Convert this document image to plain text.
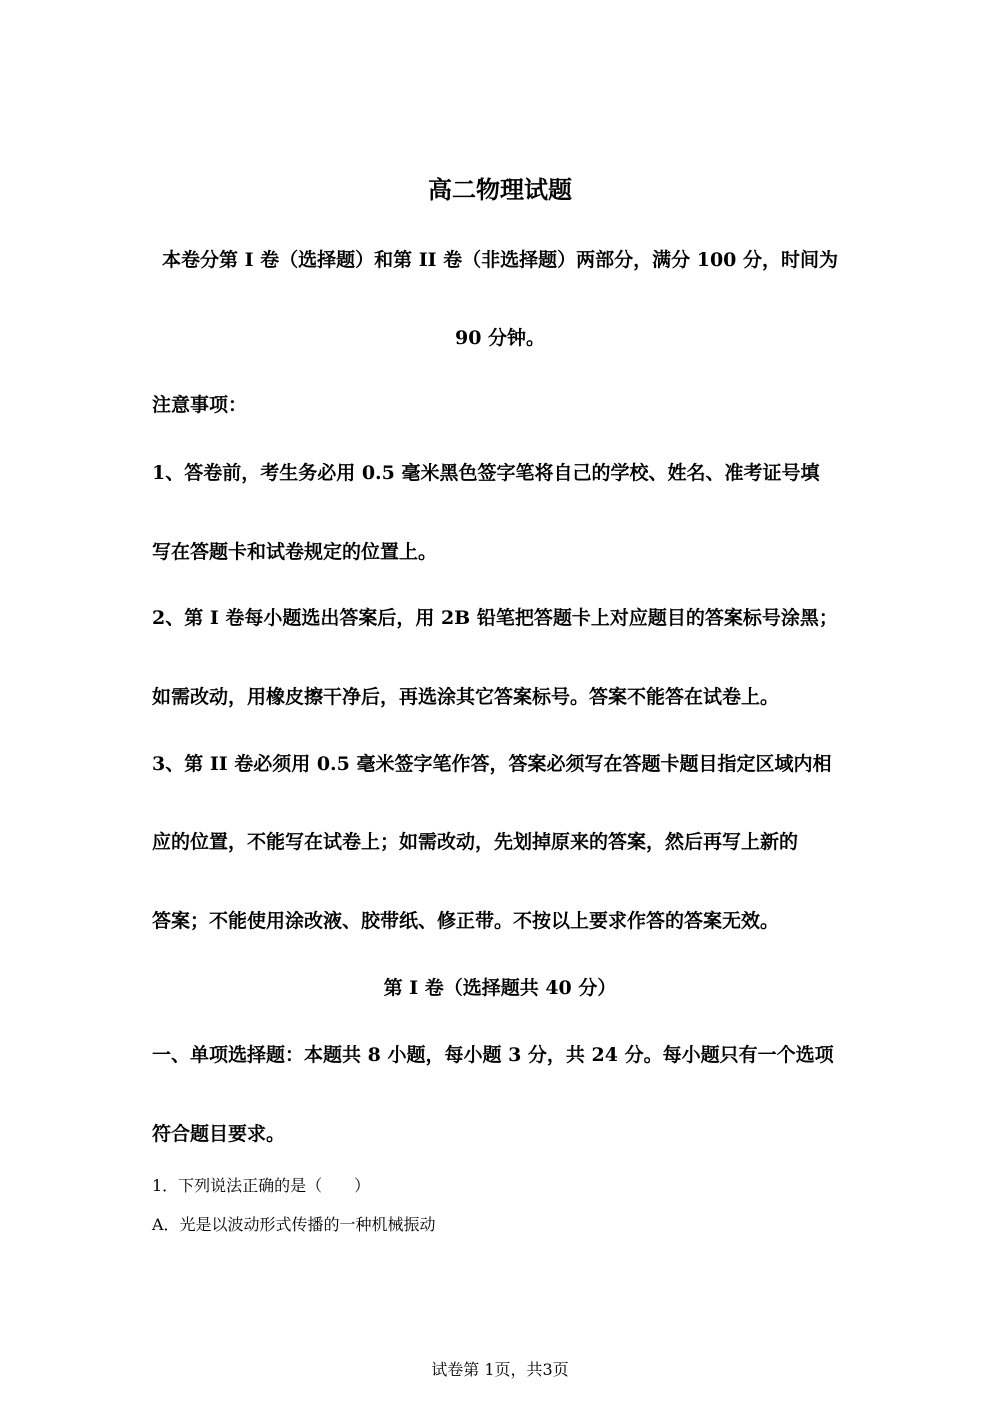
高二物理试题
本卷分第 I 卷（选择题）和第 II 卷（非选择题）两部分，满分 100 分，时间为
90 分钟。
注意事项：
1、答卷前，考生务必用 0.5 毫米黑色签字笔将自己的学校、姓名、准考证号填
写在答题卡和试卷规定的位置上。
2、第 I 卷每小题选出答案后，用 2B 铅笔把答题卡上对应题目的答案标号涂黑；
如需改动，用橡皮擦干净后，再选涂其它答案标号。答案不能答在试卷上。
3、第 II 卷必须用 0.5 毫米签字笔作答，答案必须写在答题卡题目指定区域内相
应的位置，不能写在试卷上；如需改动，先划掉原来的答案，然后再写上新的
答案；不能使用涂改液、胶带纸、修正带。不按以上要求作答的答案无效。
第 I 卷（选择题共 40 分）
一、单项选择题：本题共 8 小题，每小题 3 分，共 24 分。每小题只有一个选项
符合题目要求。
1．下列说法正确的是（　　）
A．光是以波动形式传播的一种机械振动
试卷第 1页，共3页
